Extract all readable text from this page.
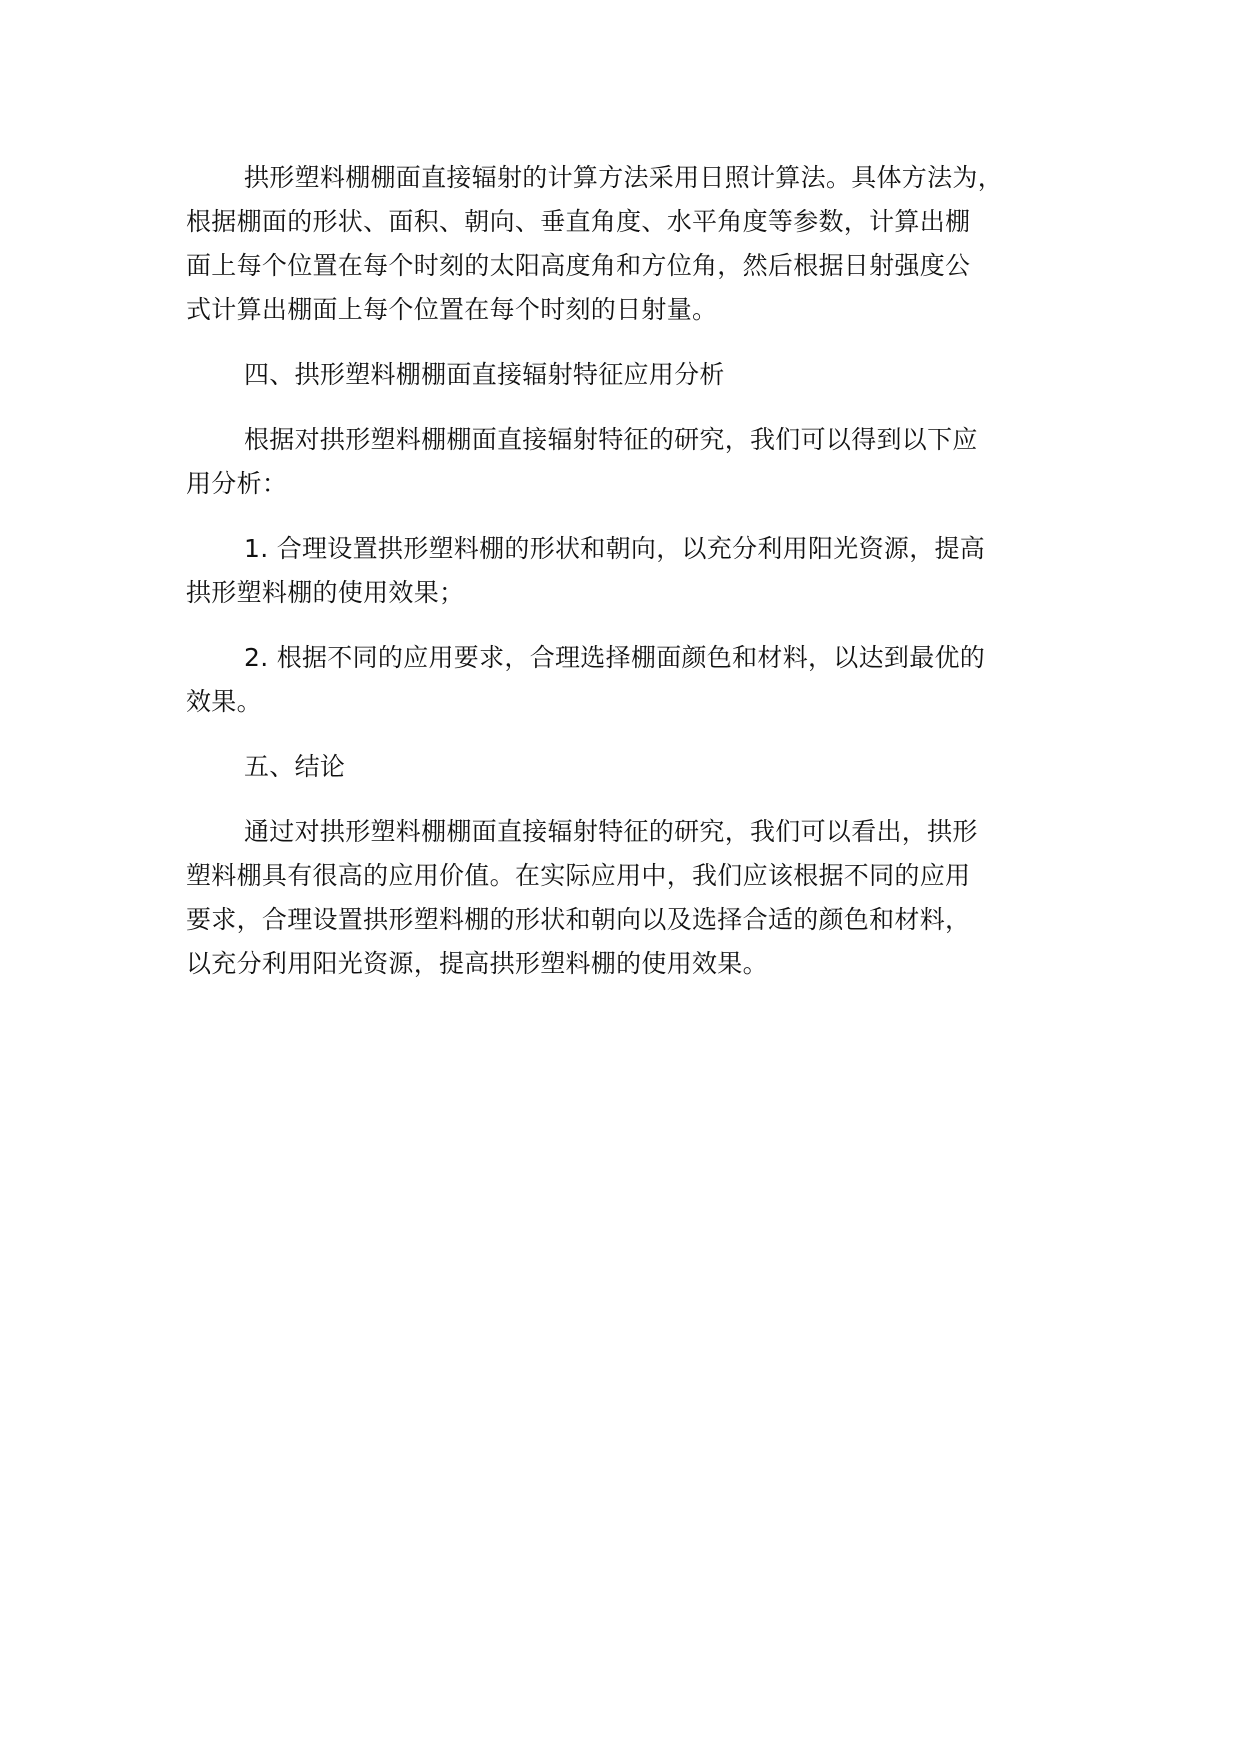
拱形塑料棚棚面直接辐射的计算方法采用日照计算法。具体方法为，
根据棚面的形状、面积、朝向、垂直角度、水平角度等参数，计算出棚
面上每个位置在每个时刻的太阳高度角和方位角，然后根据日射强度公
式计算出棚面上每个位置在每个时刻的日射量。

四、拱形塑料棚棚面直接辐射特征应用分析

根据对拱形塑料棚棚面直接辐射特征的研究，我们可以得到以下应
用分析：

1. 合理设置拱形塑料棚的形状和朝向，以充分利用阳光资源，提高
拱形塑料棚的使用效果；

2. 根据不同的应用要求，合理选择棚面颜色和材料，以达到最优的
效果。

五、结论

通过对拱形塑料棚棚面直接辐射特征的研究，我们可以看出，拱形
塑料棚具有很高的应用价值。在实际应用中，我们应该根据不同的应用
要求，合理设置拱形塑料棚的形状和朝向以及选择合适的颜色和材料，
以充分利用阳光资源，提高拱形塑料棚的使用效果。
